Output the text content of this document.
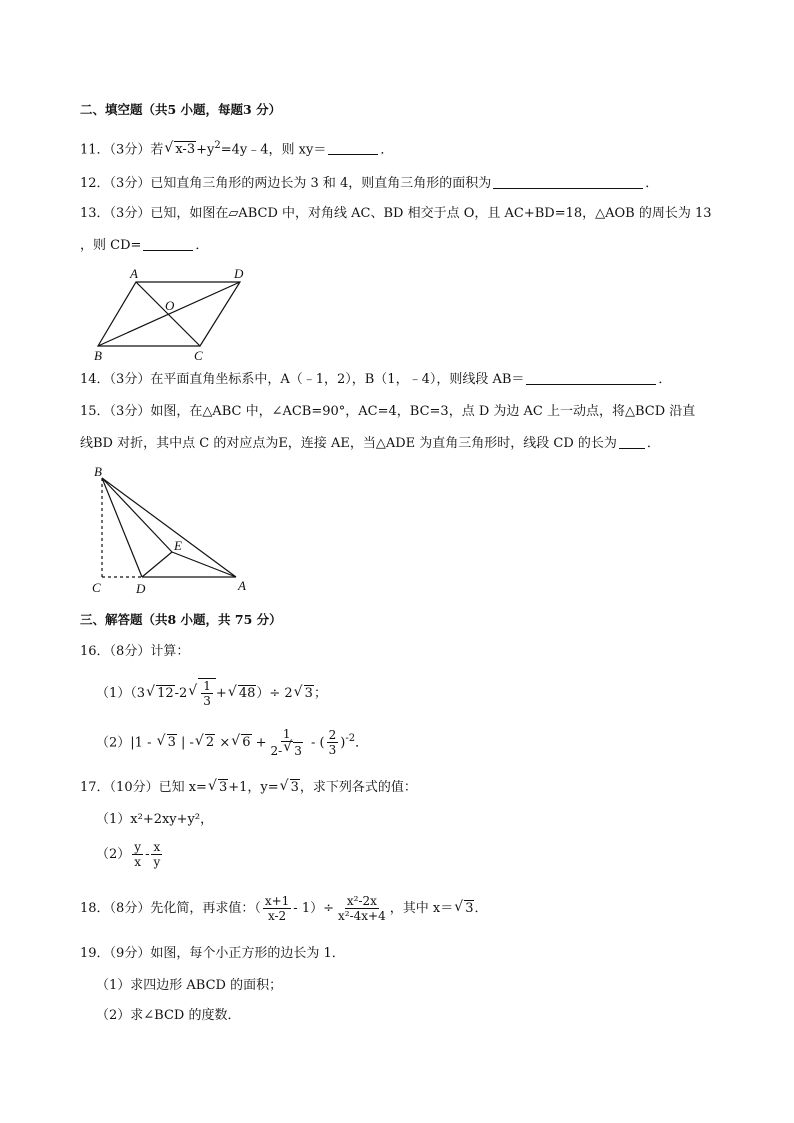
二、填空题（共5 小题，每题3 分）
11．（3分）若 √ $x-3+y^2=4y﹣4$，则 xy＝	．
12．（3分）已知直角三角形的两边长为 3 和 4，则直角三角形的面积为	．
13．（3分）已知，如图在▱ABCD 中，对角线 AC、BD 相交于点 O，且 AC+BD=18，△AOB 的周长为 13
，则 CD=	．
A	D
O
B	C
14．（3分）在平面直角坐标系中，A（﹣1，2），B（1，﹣4），则线段 AB＝	．
15．（3分）如图，在△ABC 中，∠ACB=90°，AC=4，BC=3，点 D 为边 AC 上一动点，将△BCD 沿直
线BD 对折，其中点 C 的对应点为E，连接 AE，当△ADE 为直角三角形时，线段 CD 的长为 ．
B
E
C	D	A
三、解答题（共8 小题，共 75 分）
16．（8分）计算：
（1）（3 √ 12-2 √ $\frac{1}{3}$ + √ 48）÷ 2 √ 3；
（2）|1 - √ 3 | - √ 2 × √ $6 + \frac{1}{2- √ 3}$ - ( $\frac{2}{3} )^{-2}$．
17．（10分）已知 x= √ 3+1，y= √ 3，求下列各式的值：
（1）x²+2xy+y²，
$(2) \frac{y}{x} - \frac{x}{y}$
18．（8分）先化简，再求值：（ $\frac{x+1}{x-2} - 1)\div \frac{\text{x²-2x}}{\text{x²-4x+4}}$ ，其中 x＝ √ 3．
19．（9分）如图，每个小正方形的边长为 1．
（1）求四边形 ABCD 的面积；
（2）求∠BCD 的度数．
